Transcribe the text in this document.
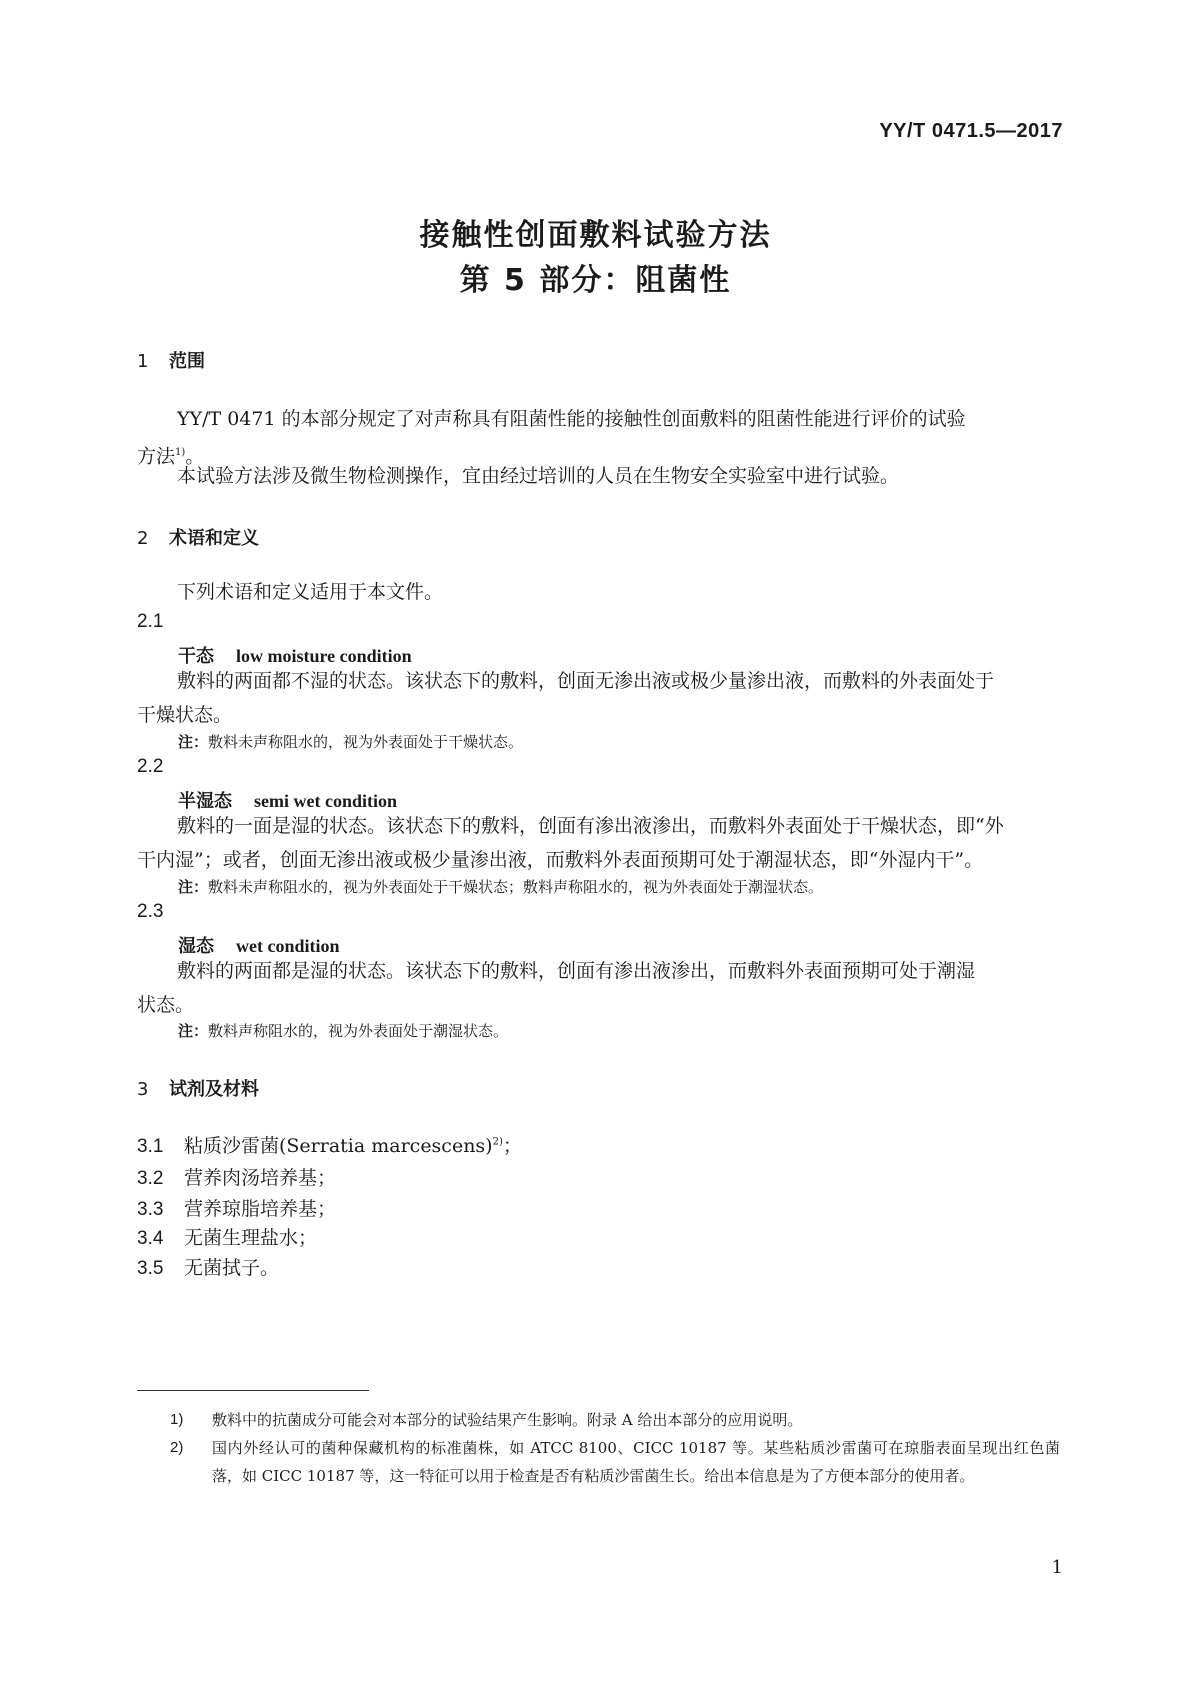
YY/T 0471.5—2017
接触性创面敷料试验方法
第 5 部分：阻菌性
1 范围
YY/T 0471 的本部分规定了对声称具有阻菌性能的接触性创面敷料的阻菌性能进行评价的试验
方法$^{1)}$。
本试验方法涉及微生物检测操作，宜由经过培训的人员在生物安全实验室中进行试验。
2 术语和定义
下列术语和定义适用于本文件。
2.1
干态 low moisture condition
敷料的两面都不湿的状态。该状态下的敷料，创面无渗出液或极少量渗出液，而敷料的外表面处于
干燥状态。
注：敷料未声称阻水的，视为外表面处于干燥状态。
2.2
半湿态 semi wet condition
敷料的一面是湿的状态。该状态下的敷料，创面有渗出液渗出，而敷料外表面处于干燥状态，即“外
干内湿”；或者，创面无渗出液或极少量渗出液，而敷料外表面预期可处于潮湿状态，即“外湿内干”。
注：敷料未声称阻水的，视为外表面处于干燥状态；敷料声称阻水的，视为外表面处于潮湿状态。
2.3
湿态 wet condition
敷料的两面都是湿的状态。该状态下的敷料，创面有渗出液渗出，而敷料外表面预期可处于潮湿
状态。
注：敷料声称阻水的，视为外表面处于潮湿状态。
3 试剂及材料
3.1 粘质沙雷菌(Serratia marcescens)$^{2)}$；
3.2 营养肉汤培养基；
3.3 营养琼脂培养基；
3.4 无菌生理盐水；
3.5 无菌拭子。
1) 敷料中的抗菌成分可能会对本部分的试验结果产生影响。附录 A 给出本部分的应用说明。
2) 国内外经认可的菌种保藏机构的标准菌株，如 ATCC 8100、CICC 10187 等。某些粘质沙雷菌可在琼脂表面呈现出红色菌落，如 CICC 10187 等，这一特征可以用于检查是否有粘质沙雷菌生长。给出本信息是为了方便本部分的使用者。
1
